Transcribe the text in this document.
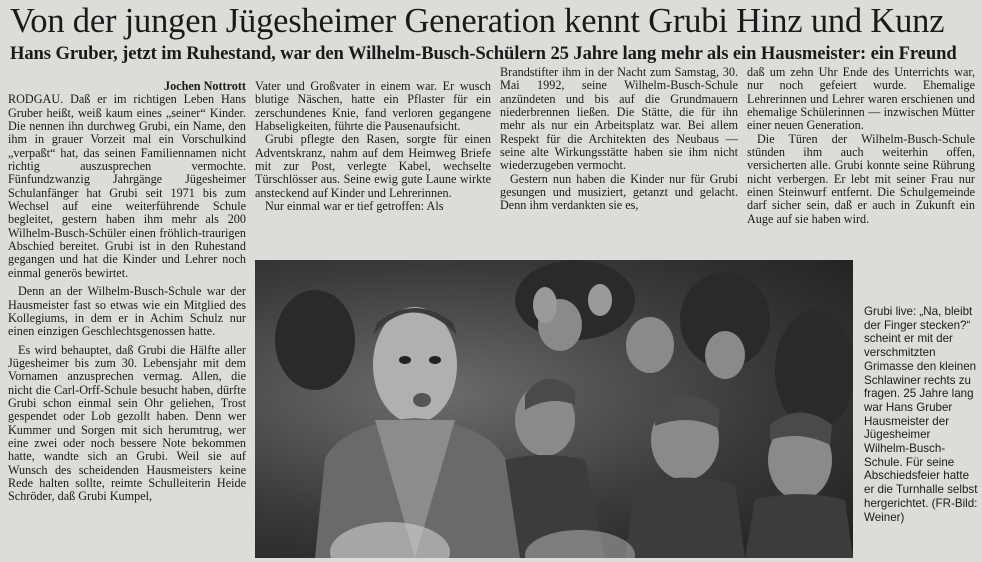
Von der jungen Jügesheimer Generation kennt Grubi Hinz und Kunz
Hans Gruber, jetzt im Ruhestand, war den Wilhelm-Busch-Schülern 25 Jahre lang mehr als ein Hausmeister: ein Freund

Jochen Nottrott

RODGAU. Daß er im richtigen Leben Hans Gruber heißt, weiß kaum eines „seiner“ Kinder. Die nennen ihn durchweg Grubi, ein Name, den ihm in grauer Vorzeit mal ein Vorschulkind „verpaßt“ hat, das seinen Familiennamen nicht richtig auszusprechen vermochte. Fünfundzwanzig Jahrgänge Jügesheimer Schulanfänger hat Grubi seit 1971 bis zum Wechsel auf eine weiterführende Schule begleitet, gestern haben ihm mehr als 200 Wilhelm-Busch-Schüler einen fröhlich-traurigen Abschied bereitet. Grubi ist in den Ruhestand gegangen und hat die Kinder und Lehrer noch einmal generös bewirtet.

Denn an der Wilhelm-Busch-Schule war der Hausmeister fast so etwas wie ein Mitglied des Kollegiums, in dem er in Achim Schulz nur einen einzigen Geschlechtsgenossen hatte.

Es wird behauptet, daß Grubi die Hälfte aller Jügesheimer bis zum 30. Lebensjahr mit dem Vornamen anzusprechen vermag. Allen, die nicht die Carl-Orff-Schule besucht haben, dürfte Grubi schon einmal sein Ohr geliehen, Trost gespendet oder Lob gezollt haben. Denn wer Kummer und Sorgen mit sich herumtrug, wer eine zwei oder noch bessere Note bekommen hatte, wandte sich an Grubi. Weil sie auf Wunsch des scheidenden Hausmeisters keine Rede halten sollte, reimte Schulleiterin Heide Schröder, daß Grubi Kumpel,

Vater und Großvater in einem war. Er wusch blutige Näschen, hatte ein Pflaster für ein zerschundenes Knie, fand verloren gegangene Habseligkeiten, führte die Pausenaufsicht.

Grubi pflegte den Rasen, sorgte für einen Adventskranz, nahm auf dem Heimweg Briefe mit zur Post, verlegte Kabel, wechselte Türschlösser aus. Seine ewig gute Laune wirkte ansteckend auf Kinder und Lehrerinnen.

Nur einmal war er tief getroffen: Als

Brandstifter ihm in der Nacht zum Samstag, 30. Mai 1992, seine Wilhelm-Busch-Schule anzündeten und bis auf die Grundmauern niederbrennen ließen. Die Stätte, die für ihn mehr als nur ein Arbeitsplatz war. Bei allem Respekt für die Architekten des Neubaus — seine alte Wirkungsstätte haben sie ihm nicht wiederzugeben vermocht.

Gestern nun haben die Kinder nur für Grubi gesungen und musiziert, getanzt und gelacht. Denn ihm verdankten sie es,

daß um zehn Uhr Ende des Unterrichts war, nur noch gefeiert wurde. Ehemalige Lehrerinnen und Lehrer waren erschienen und ehemalige Schülerinnen — inzwischen Mütter einer neuen Generation.

Die Türen der Wilhelm-Busch-Schule stünden ihm auch weiterhin offen, versicherten alle. Grubi konnte seine Rührung nicht verbergen. Er lebt mit seiner Frau nur einen Steinwurf entfernt. Die Schulgemeinde darf sicher sein, daß er auch in Zukunft ein Auge auf sie haben wird.

Grubi live: „Na, bleibt der Finger stecken?“ scheint er mit der verschmitzten Grimasse den kleinen Schlawiner rechts zu fragen. 25 Jahre lang war Hans Gruber Hausmeister der Jügesheimer Wilhelm-Busch-Schule. Für seine Abschiedsfeier hatte er die Turnhalle selbst hergerichtet. (FR-Bild: Weiner)
